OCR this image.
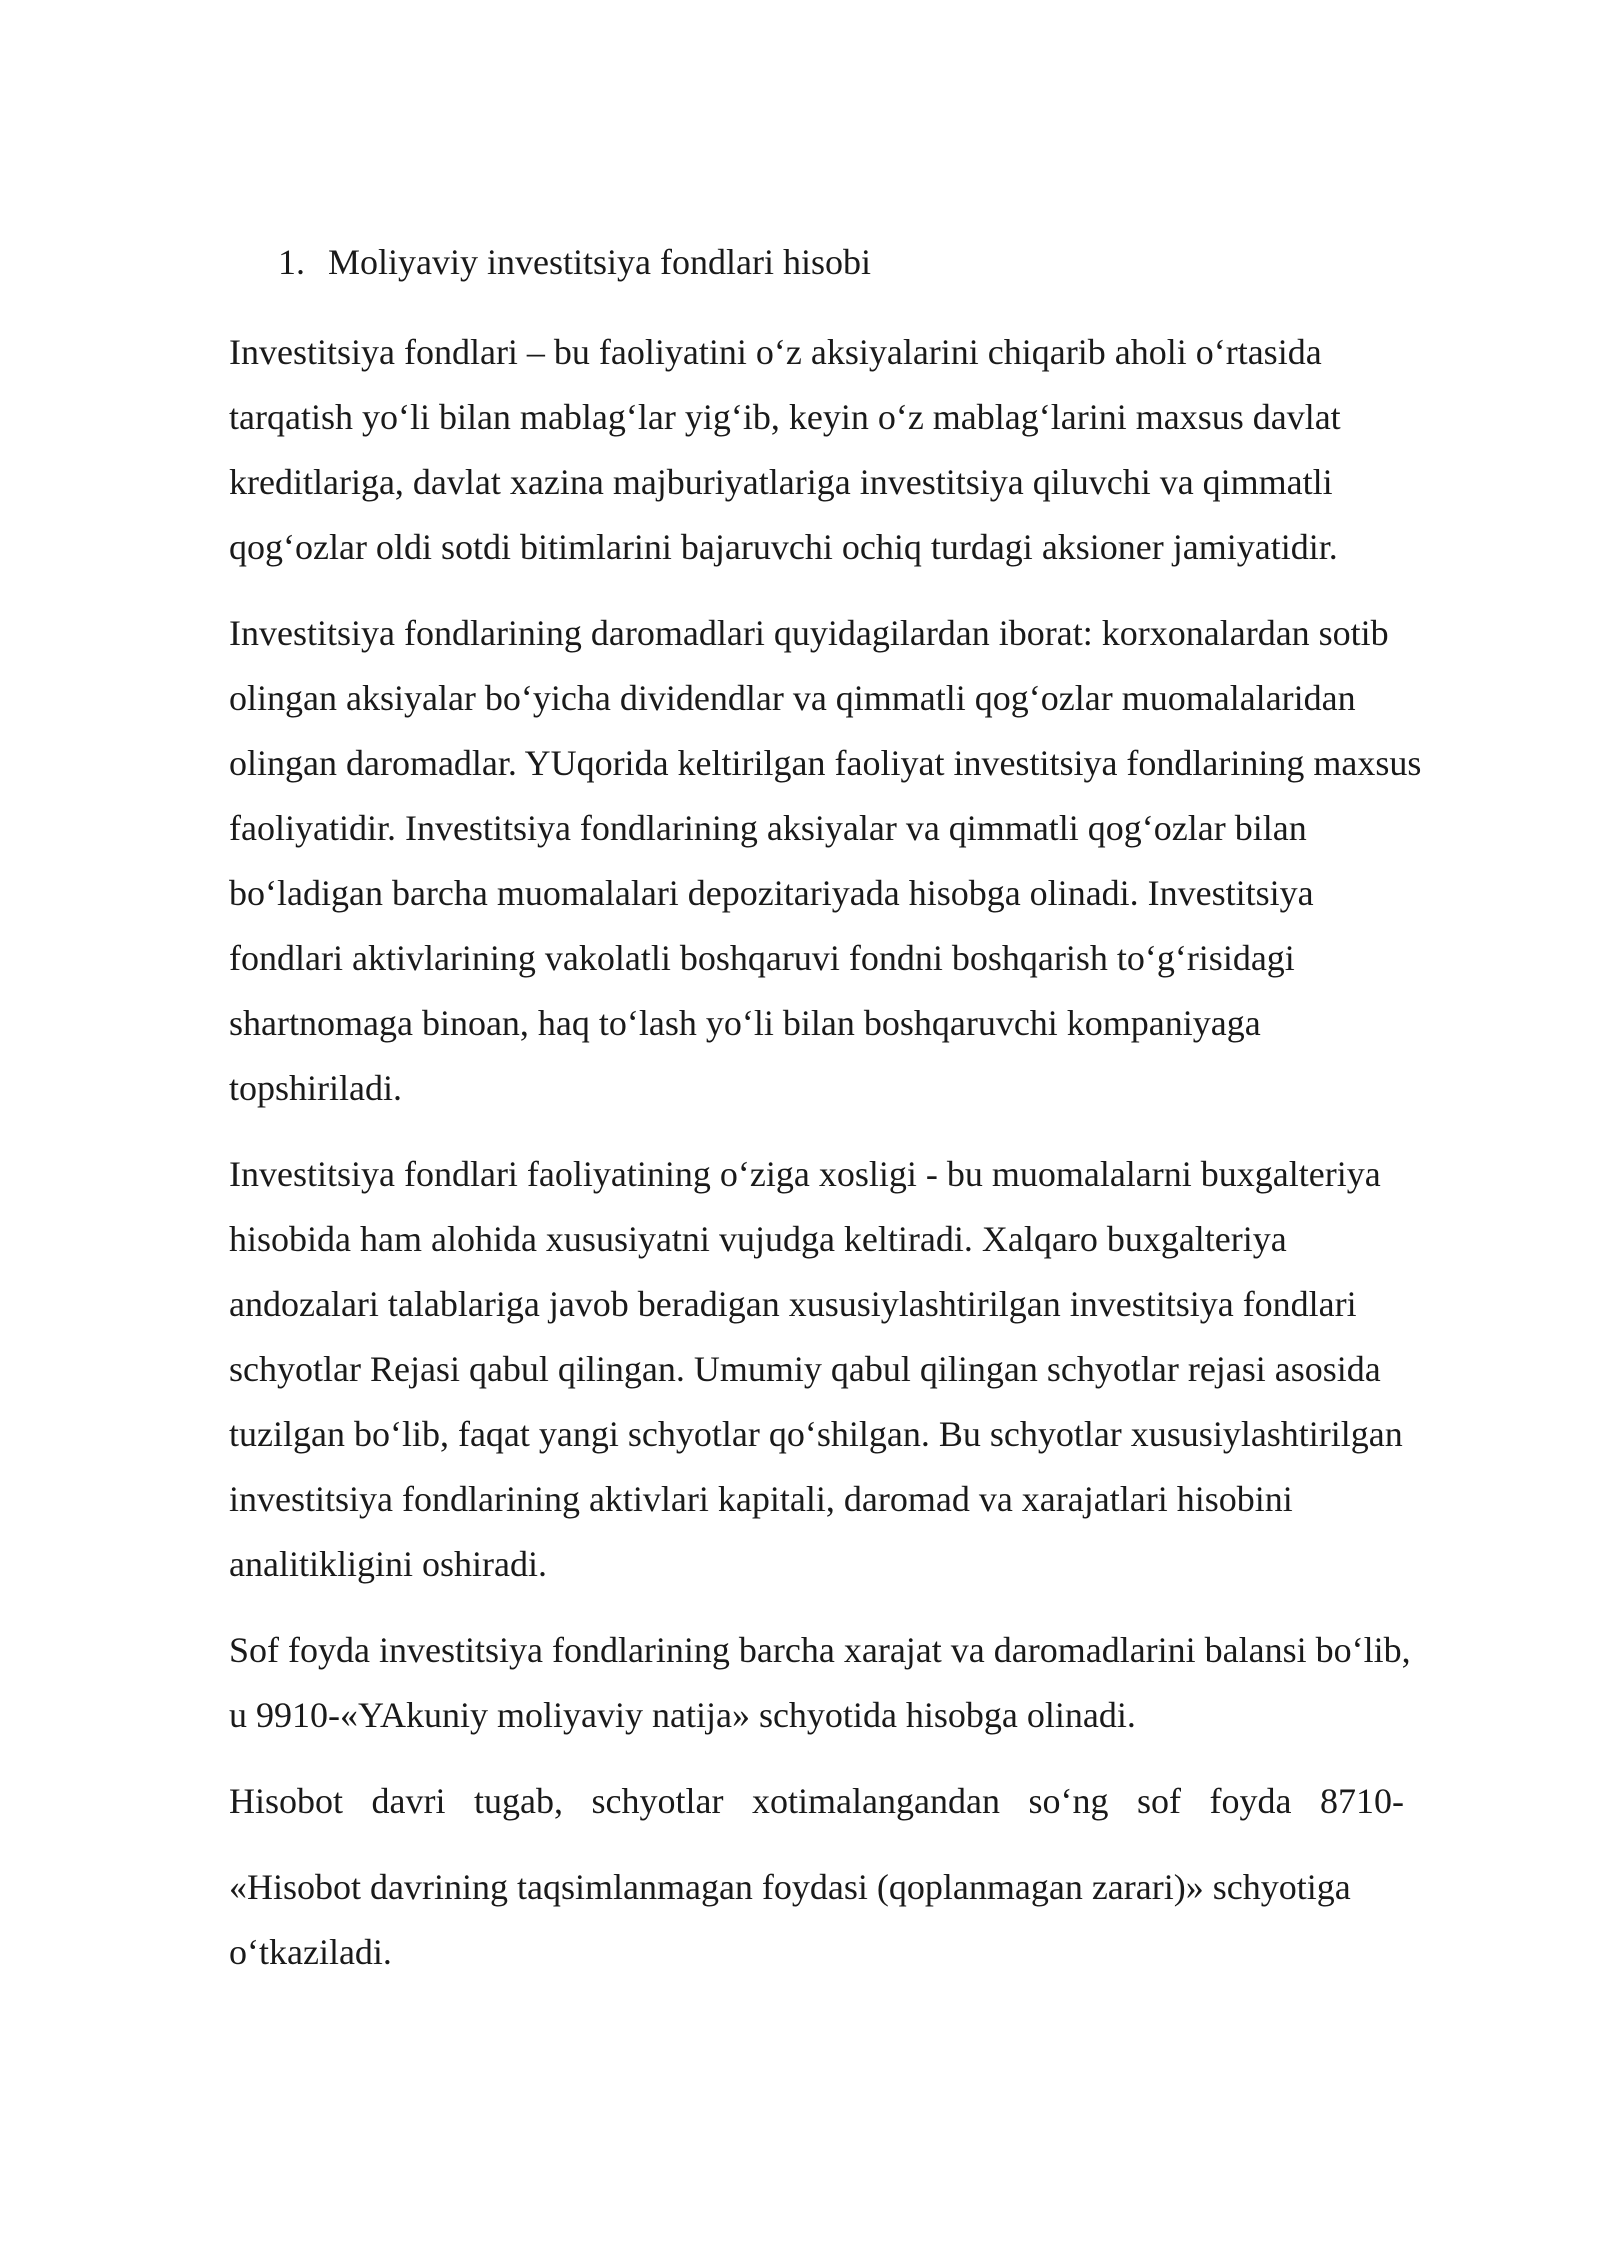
1. Moliyaviy investitsiya fondlari hisobi

Investitsiya fondlari – bu faoliyatini o‘z aksiyalarini chiqarib aholi o‘rtasida
tarqatish yo‘li bilan mablag‘lar yig‘ib, keyin o‘z mablag‘larini maxsus davlat
kreditlariga, davlat xazina majburiyatlariga investitsiya qiluvchi va qimmatli
qog‘ozlar oldi sotdi bitimlarini bajaruvchi ochiq turdagi aksioner jamiyatidir.

Investitsiya fondlarining daromadlari quyidagilardan iborat: korxonalardan sotib
olingan aksiyalar bo‘yicha dividendlar va qimmatli qog‘ozlar muomalalaridan
olingan daromadlar. YUqorida keltirilgan faoliyat investitsiya fondlarining maxsus
faoliyatidir. Investitsiya fondlarining aksiyalar va qimmatli qog‘ozlar bilan
bo‘ladigan barcha muomalalari depozitariyada hisobga olinadi. Investitsiya
fondlari aktivlarining vakolatli boshqaruvi fondni boshqarish to‘g‘risidagi
shartnomaga binoan, haq to‘lash yo‘li bilan boshqaruvchi kompaniyaga
topshiriladi.

Investitsiya fondlari faoliyatining o‘ziga xosligi - bu muomalalarni buxgalteriya
hisobida ham alohida xususiyatni vujudga keltiradi. Xalqaro buxgalteriya
andozalari talablariga javob beradigan xususiylashtirilgan investitsiya fondlari
schyotlar Rejasi qabul qilingan. Umumiy qabul qilingan schyotlar rejasi asosida
tuzilgan bo‘lib, faqat yangi schyotlar qo‘shilgan. Bu schyotlar xususiylashtirilgan
investitsiya fondlarining aktivlari kapitali, daromad va xarajatlari hisobini
analitikligini oshiradi.

Sof foyda investitsiya fondlarining barcha xarajat va daromadlarini balansi bo‘lib,
u 9910-«YAkuniy moliyaviy natija» schyotida hisobga olinadi.

Hisobot davri tugab, schyotlar xotimalangandan so‘ng sof foyda 8710-

«Hisobot davrining taqsimlanmagan foydasi (qoplanmagan zarari)» schyotiga
o‘tkaziladi.
